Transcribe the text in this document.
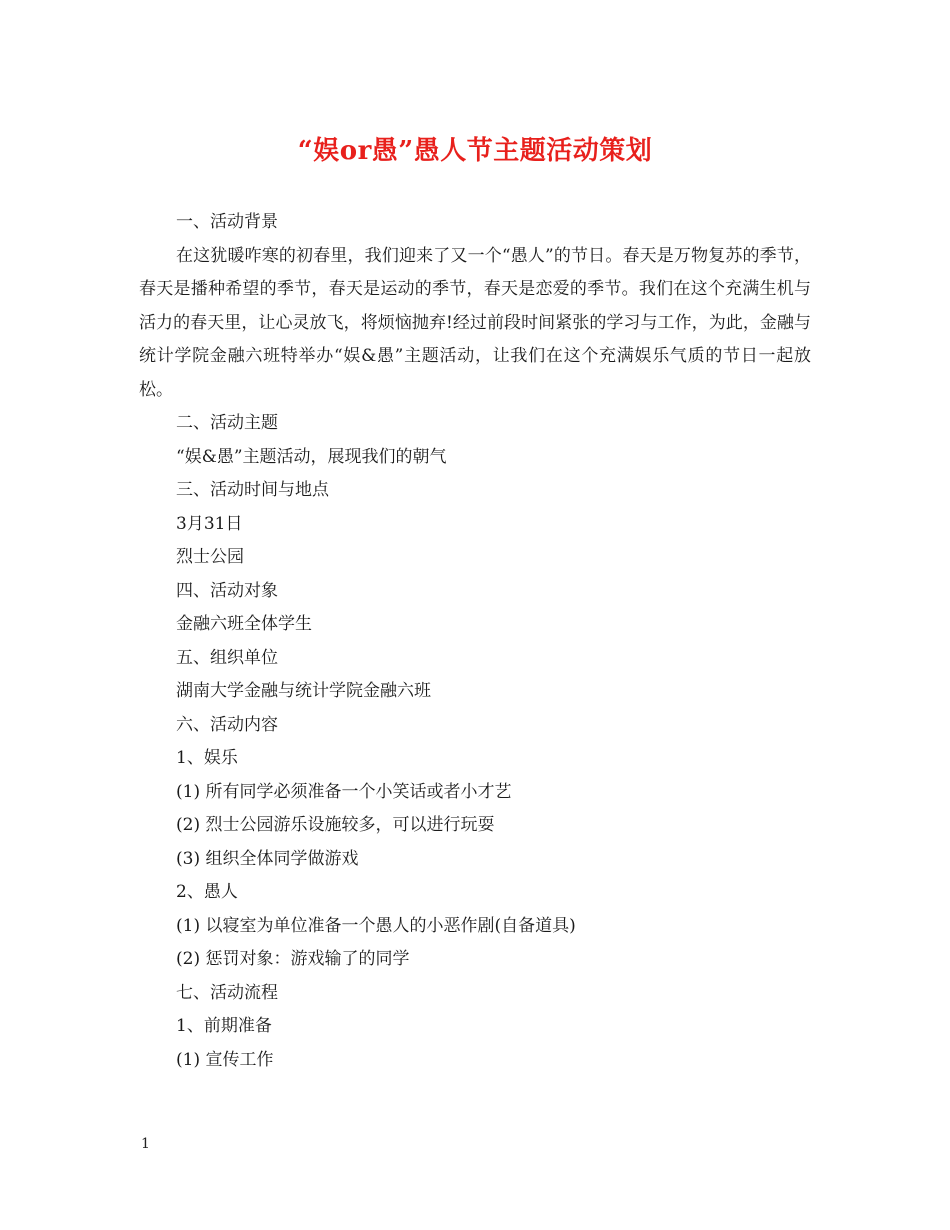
“娱or愚”愚人节主题活动策划
一、活动背景

在这犹暖咋寒的初春里，我们迎来了又一个“愚人”的节日。春天是万物复苏的季节，春天是播种希望的季节，春天是运动的季节，春天是恋爱的季节。我们在这个充满生机与活力的春天里，让心灵放飞，将烦恼抛弃!经过前段时间紧张的学习与工作，为此，金融与统计学院金融六班特举办“娱&愚”主题活动，让我们在这个充满娱乐气质的节日一起放松。

二、活动主题
“娱&愚”主题活动，展现我们的朝气
三、活动时间与地点
3月31日
烈士公园
四、活动对象
金融六班全体学生
五、组织单位
湖南大学金融与统计学院金融六班
六、活动内容
1、娱乐
(1) 所有同学必须准备一个小笑话或者小才艺
(2) 烈士公园游乐设施较多，可以进行玩耍
(3) 组织全体同学做游戏
2、愚人
(1) 以寝室为单位准备一个愚人的小恶作剧(自备道具)
(2) 惩罚对象：游戏输了的同学
七、活动流程
1、前期准备
(1) 宣传工作
1
